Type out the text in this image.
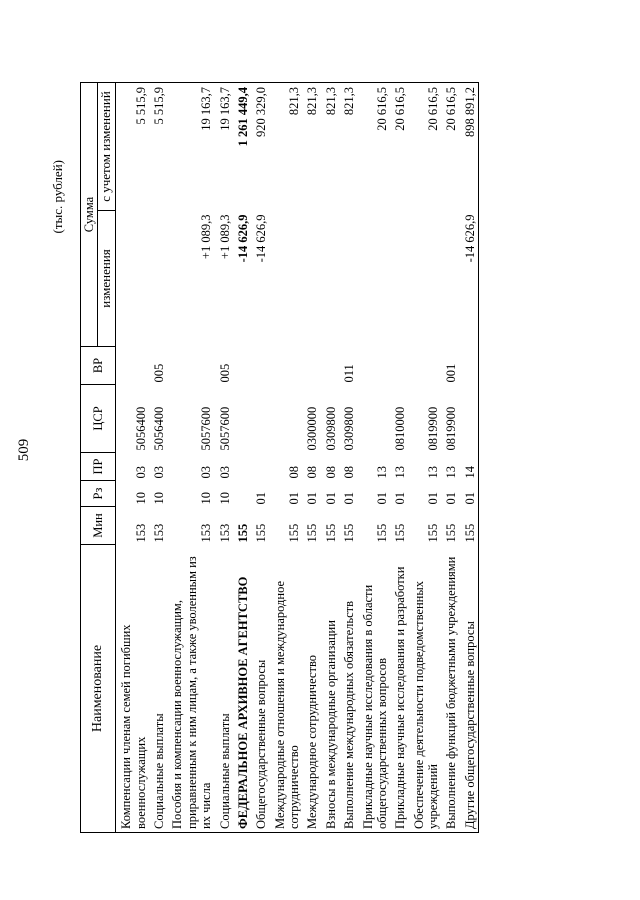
509
(тыс. рублей)
Наименование	Мин	Рз	ПР	ЦСР	ВР	Сумма	
						изменения	с учетом изменений
Компенсации членам семей погибших военнослужащих	153	10	03	5056400			5 515,9
Социальные выплаты	153	10	03	5056400	005		5 515,9
Пособия и компенсации военнослужащим, приравненным к ним лицам, а также уволенным из их числа	153	10	03	5057600		+1 089,3	19 163,7
Социальные выплаты	153	10	03	5057600	005	+1 089,3	19 163,7
ФЕДЕРАЛЬНОЕ АРХИВНОЕ АГЕНТСТВО	155					-14 626,9	1 261 449,4
Общегосударственные вопросы	155	01				-14 626,9	920 329,0
Международные отношения и международное сотрудничество	155	01	08				821,3
Международное сотрудничество	155	01	08	0300000			821,3
Взносы в международные организации	155	01	08	0309800			821,3
Выполнение международных обязательств	155	01	08	0309800	011		821,3
Прикладные научные исследования в области общегосударственных вопросов	155	01	13				20 616,5
Прикладные научные исследования и разработки	155	01	13	0810000			20 616,5
Обеспечение деятельности подведомственных учреждений	155	01	13	0819900			20 616,5
Выполнение функций бюджетными учреждениями	155	01	13	0819900	001		20 616,5
Другие общегосударственные вопросы	155	01	14			-14 626,9	898 891,2
